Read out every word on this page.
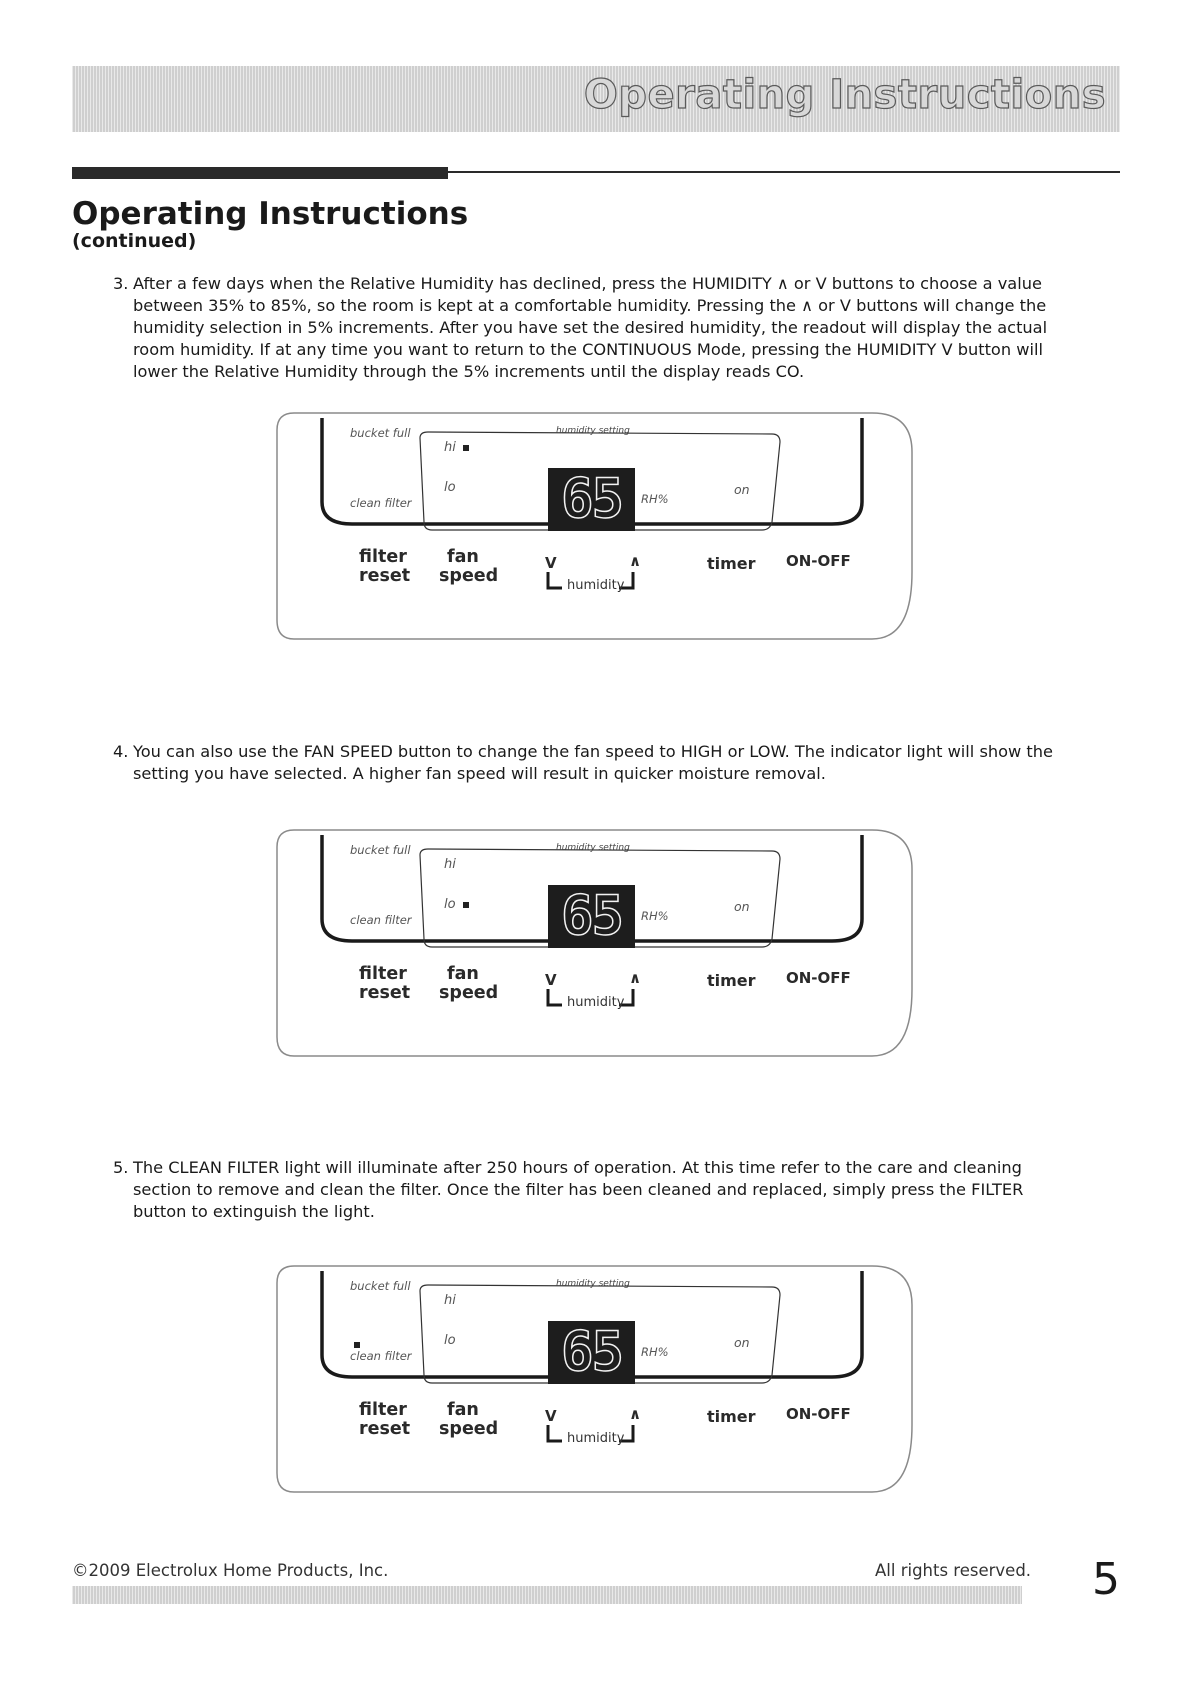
Operating Instructions
Operating Instructions
(continued)
3. After a few days when the Relative Humidity has declined, press the HUMIDITY ∧ or V buttons to choose a value between 35% to 85%, so the room is kept at a comfortable humidity. Pressing the ∧ or V buttons will change the humidity selection in 5% increments. After you have set the desired humidity, the readout will display the actual room humidity. If at any time you want to return to the CONTINUOUS Mode, pressing the HUMIDITY V button will lower the Relative Humidity through the 5% increments until the display reads CO.
4. You can also use the FAN SPEED button to change the fan speed to HIGH or LOW. The indicator light will show the setting you have selected. A higher fan speed will result in quicker moisture removal.
5. The CLEAN FILTER light will illuminate after 250 hours of operation. At this time refer to the care and cleaning section to remove and clean the filter. Once the filter has been cleaned and replaced, simply press the FILTER button to extinguish the light.
bucket full
clean filter
hi
lo
humidity setting
65	RH%
on
filter
reset
fan
speed
V	∧
humidity
timer ON-OFF
bucket full
clean filter
hi
lo
humidity setting
65	RH%
on
filter
reset
fan
speed
V	∧
humidity
timer ON-OFF
bucket full
clean filter
hi
lo
humidity setting
65	RH%
on
filter
reset
fan
speed
V	∧
humidity
timer ON-OFF
©2009 Electrolux Home Products, Inc.	All rights reserved. 5
